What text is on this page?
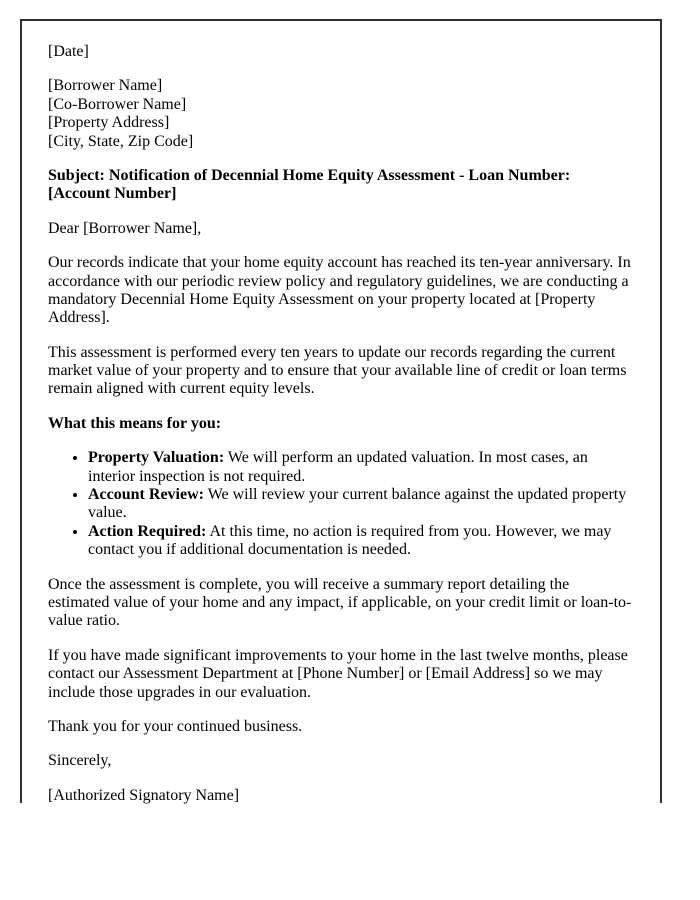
[Date]

[Borrower Name]
[Co-Borrower Name]
[Property Address]
[City, State, Zip Code]

Subject: Notification of Decennial Home Equity Assessment - Loan Number: [Account Number]

Dear [Borrower Name],

Our records indicate that your home equity account has reached its ten-year anniversary. In accordance with our periodic review policy and regulatory guidelines, we are conducting a mandatory Decennial Home Equity Assessment on your property located at [Property Address].

This assessment is performed every ten years to update our records regarding the current market value of your property and to ensure that your available line of credit or loan terms remain aligned with current equity levels.

What this means for you:

• Property Valuation: We will perform an updated valuation. In most cases, an interior inspection is not required.
• Account Review: We will review your current balance against the updated property value.
• Action Required: At this time, no action is required from you. However, we may contact you if additional documentation is needed.

Once the assessment is complete, you will receive a summary report detailing the estimated value of your home and any impact, if applicable, on your credit limit or loan-to-value ratio.

If you have made significant improvements to your home in the last twelve months, please contact our Assessment Department at [Phone Number] or [Email Address] so we may include those upgrades in our evaluation.

Thank you for your continued business.

Sincerely,

[Authorized Signatory Name]
